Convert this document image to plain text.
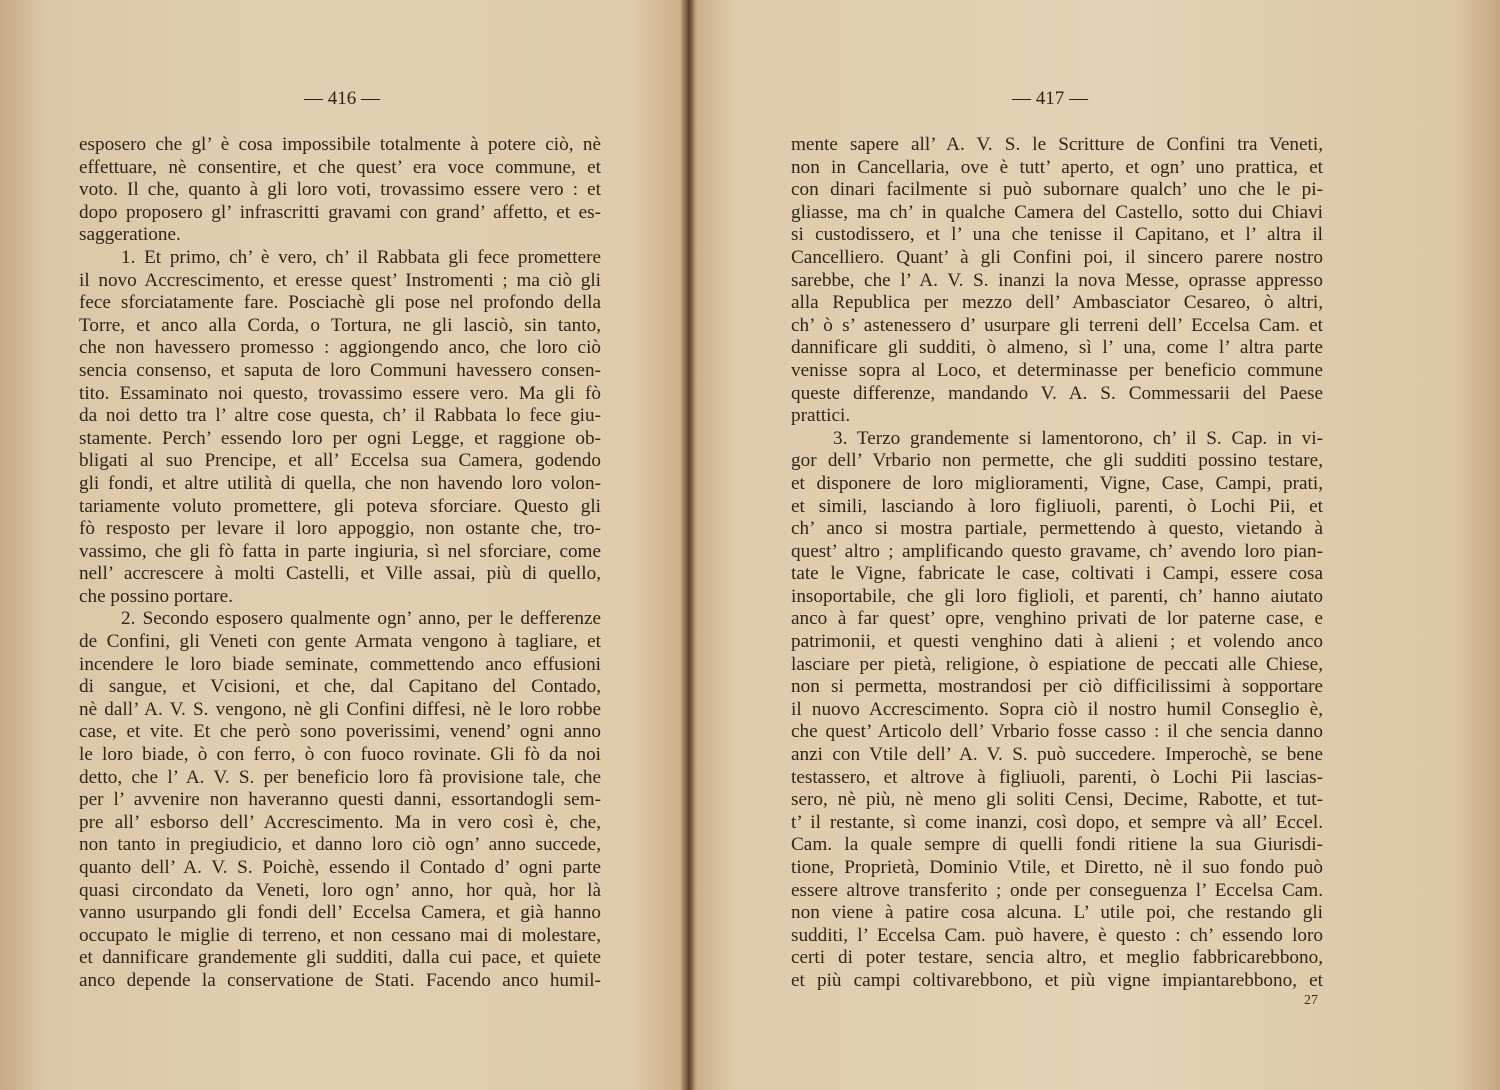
— 416 —
esposero che gl’ è cosa impossibile totalmente à potere ciò, nè
effettuare, nè consentire, et che quest’ era voce commune, et
voto. Il che, quanto à gli loro voti, trovassimo essere vero : et
dopo proposero gl’ infrascritti gravami con grand’ affetto, et es-
saggeratione.
1. Et primo, ch’ è vero, ch’ il Rabbata gli fece promettere
il novo Accrescimento, et eresse quest’ Instromenti ; ma ciò gli
fece sforciatamente fare. Posciachè gli pose nel profondo della
Torre, et anco alla Corda, o Tortura, ne gli lasciò, sin tanto,
che non havessero promesso : aggiongendo anco, che loro ciò
sencia consenso, et saputa de loro Communi havessero consen-
tito. Essaminato noi questo, trovassimo essere vero. Ma gli fò
da noi detto tra l’ altre cose questa, ch’ il Rabbata lo fece giu-
stamente. Perch’ essendo loro per ogni Legge, et raggione ob-
bligati al suo Prencipe, et all’ Eccelsa sua Camera, godendo
gli fondi, et altre utilità di quella, che non havendo loro volon-
tariamente voluto promettere, gli poteva sforciare. Questo gli
fò resposto per levare il loro appoggio, non ostante che, tro-
vassimo, che gli fò fatta in parte ingiuria, sì nel sforciare, come
nell’ accrescere à molti Castelli, et Ville assai, più di quello,
che possino portare.
2. Secondo esposero qualmente ogn’ anno, per le defferenze
de Confini, gli Veneti con gente Armata vengono à tagliare, et
incendere le loro biade seminate, commettendo anco effusioni
di sangue, et Vcisioni, et che, dal Capitano del Contado,
nè dall’ A. V. S. vengono, nè gli Confini diffesi, nè le loro robbe
case, et vite. Et che però sono poverissimi, venend’ ogni anno
le loro biade, ò con ferro, ò con fuoco rovinate. Gli fò da noi
detto, che l’ A. V. S. per beneficio loro fà provisione tale, che
per l’ avvenire non haveranno questi danni, essortandogli sem-
pre all’ esborso dell’ Accrescimento. Ma in vero così è, che,
non tanto in pregiudicio, et danno loro ciò ogn’ anno succede,
quanto dell’ A. V. S. Poichè, essendo il Contado d’ ogni parte
quasi circondato da Veneti, loro ogn’ anno, hor quà, hor là
vanno usurpando gli fondi dell’ Eccelsa Camera, et già hanno
occupato le miglie di terreno, et non cessano mai di molestare,
et dannificare grandemente gli sudditi, dalla cui pace, et quiete
anco depende la conservatione de Stati. Facendo anco humil-
— 417 —
mente sapere all’ A. V. S. le Scritture de Confini tra Veneti,
non in Cancellaria, ove è tutt’ aperto, et ogn’ uno prattica, et
con dinari facilmente si può subornare qualch’ uno che le pi-
gliasse, ma ch’ in qualche Camera del Castello, sotto dui Chiavi
si custodissero, et l’ una che tenisse il Capitano, et l’ altra il
Cancelliero. Quant’ à gli Confini poi, il sincero parere nostro
sarebbe, che l’ A. V. S. inanzi la nova Messe, oprasse appresso
alla Republica per mezzo dell’ Ambasciator Cesareo, ò altri,
ch’ ò s’ astenessero d’ usurpare gli terreni dell’ Eccelsa Cam. et
dannificare gli sudditi, ò almeno, sì l’ una, come l’ altra parte
venisse sopra al Loco, et determinasse per beneficio commune
queste differenze, mandando V. A. S. Commessarii del Paese
prattici.
3. Terzo grandemente si lamentorono, ch’ il S. Cap. in vi-
gor dell’ Vrbario non permette, che gli sudditi possino testare,
et disponere de loro miglioramenti, Vigne, Case, Campi, prati,
et simili, lasciando à loro figliuoli, parenti, ò Lochi Pii, et
ch’ anco si mostra partiale, permettendo à questo, vietando à
quest’ altro ; amplificando questo gravame, ch’ avendo loro pian-
tate le Vigne, fabricate le case, coltivati i Campi, essere cosa
insoportabile, che gli loro figlioli, et parenti, ch’ hanno aiutato
anco à far quest’ opre, venghino privati de lor paterne case, e
patrimonii, et questi venghino dati à alieni ; et volendo anco
lasciare per pietà, religione, ò espiatione de peccati alle Chiese,
non si permetta, mostrandosi per ciò difficilissimi à sopportare
il nuovo Accrescimento. Sopra ciò il nostro humil Conseglio è,
che quest’ Articolo dell’ Vrbario fosse casso : il che sencia danno
anzi con Vtile dell’ A. V. S. può succedere. Imperochè, se bene
testassero, et altrove à figliuoli, parenti, ò Lochi Pii lascias-
sero, nè più, nè meno gli soliti Censi, Decime, Rabotte, et tut-
t’ il restante, sì come inanzi, così dopo, et sempre và all’ Eccel.
Cam. la quale sempre di quelli fondi ritiene la sua Giurisdi-
tione, Proprietà, Dominio Vtile, et Diretto, nè il suo fondo può
essere altrove transferito ; onde per conseguenza l’ Eccelsa Cam.
non viene à patire cosa alcuna. L’ utile poi, che restando gli
sudditi, l’ Eccelsa Cam. può havere, è questo : ch’ essendo loro
certi di poter testare, sencia altro, et meglio fabbricarebbono,
et più campi coltivarebbono, et più vigne impiantarebbono, et
27
